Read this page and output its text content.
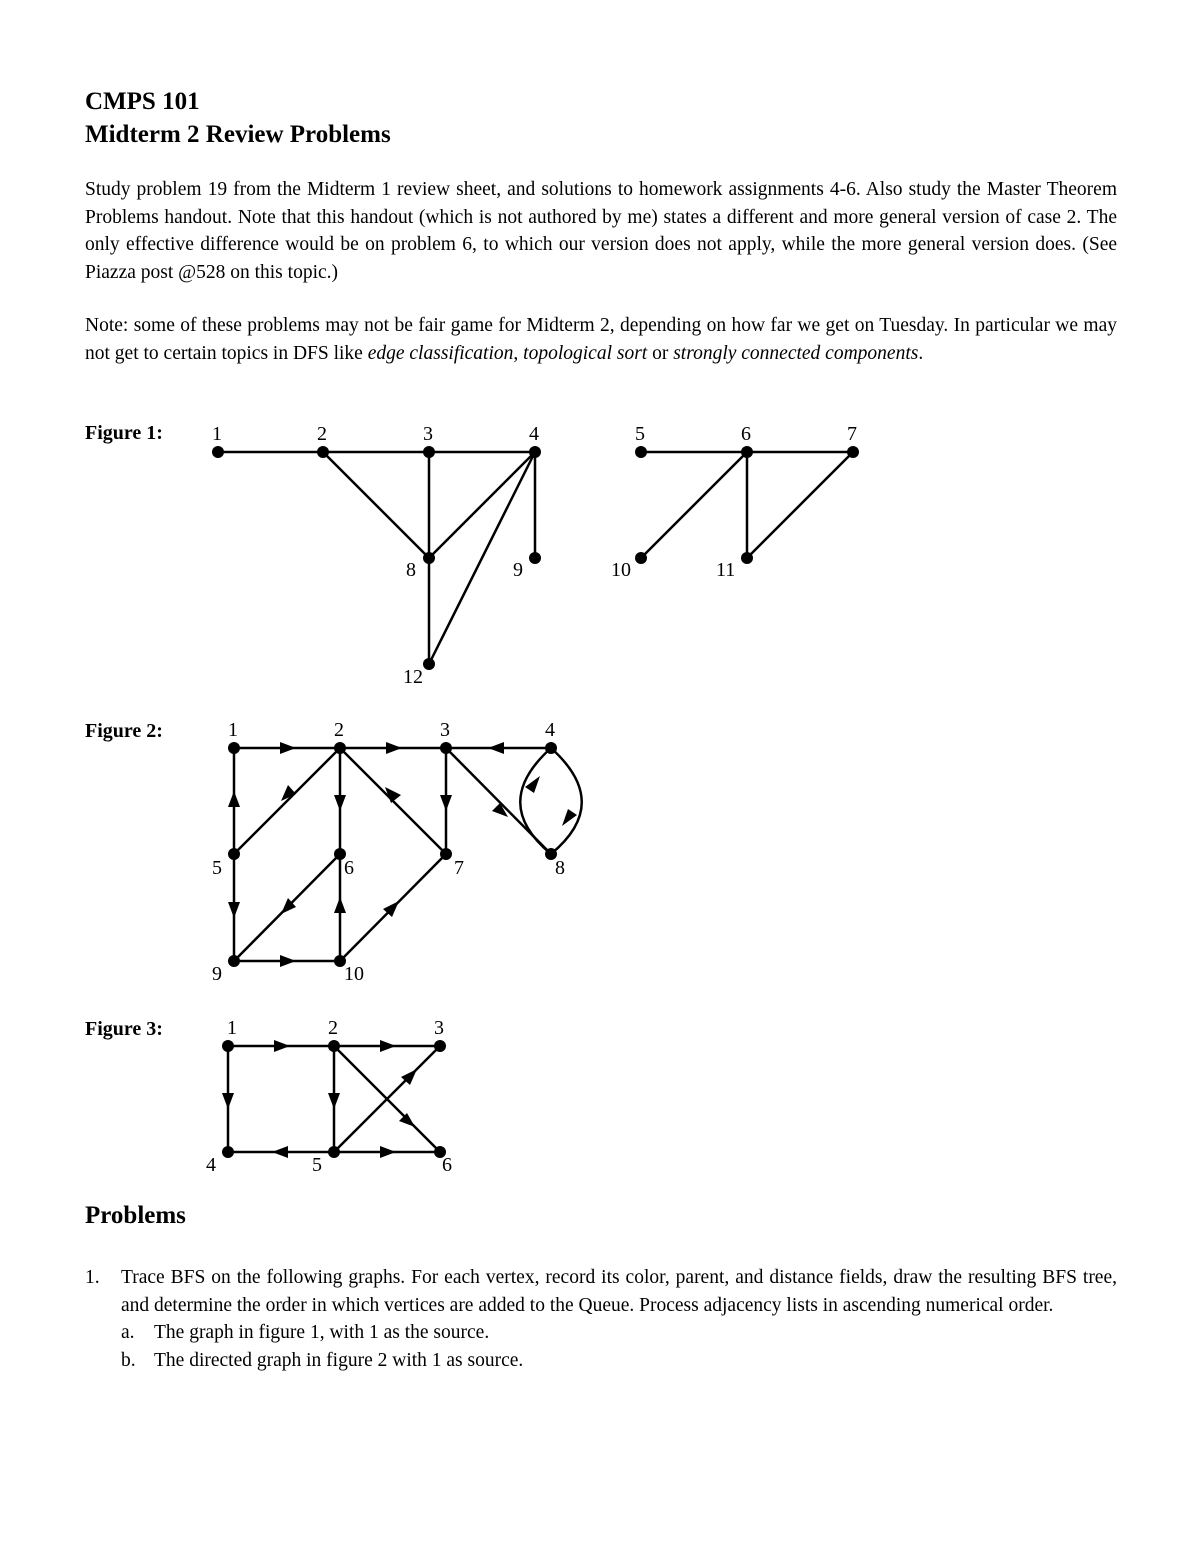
CMPS 101
Midterm 2 Review Problems

Study problem 19 from the Midterm 1 review sheet, and solutions to homework assignments 4-6. Also study the Master Theorem Problems handout. Note that this handout (which is not authored by me) states a different and more general version of case 2. The only effective difference would be on problem 6, to which our version does not apply, while the more general version does. (See Piazza post @528 on this topic.)

Note: some of these problems may not be fair game for Midterm 2, depending on how far we get on Tuesday. In particular we may not get to certain topics in DFS like edge classification, topological sort or strongly connected components.

Figure 1: 1	2	3	4	5	6	7
8	9	10	11
12
Figure 2:	1	2	3	4
5	6	7	8
9	10
Figure 3:	1	2	3
4	5	6
Problems
1. Trace BFS on the following graphs. For each vertex, record its color, parent, and distance fields, draw the resulting BFS tree, and determine the order in which vertices are added to the Queue. Process adjacency lists in ascending numerical order.
a. The graph in figure 1, with 1 as the source.
b. The directed graph in figure 2 with 1 as source.
